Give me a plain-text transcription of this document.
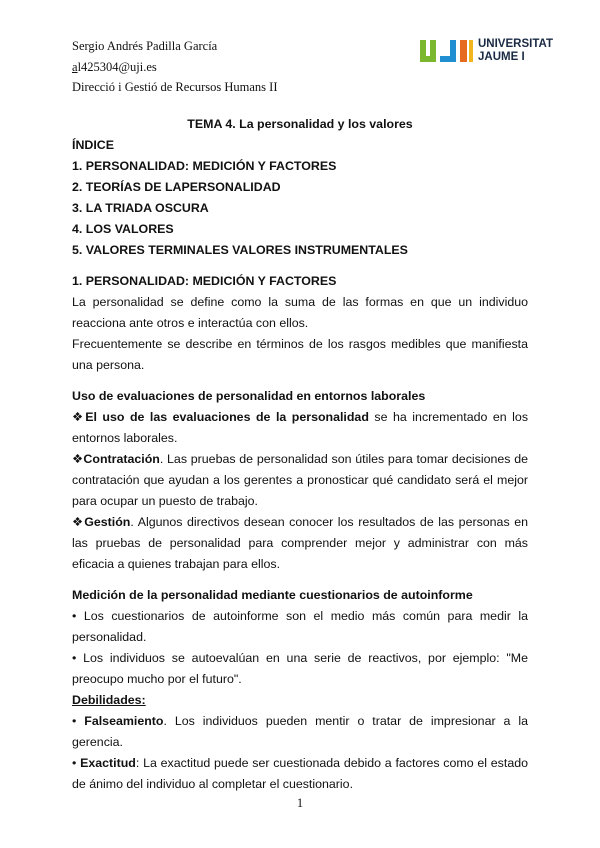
Sergio Andrés Padilla García
al425304@uji.es
Direcció i Gestió de Recursos Humans II
UNIVERSITAT
JAUME I
TEMA 4. La personalidad y los valores
ÍNDICE
1. PERSONALIDAD: MEDICIÓN Y FACTORES
2. TEORÍAS DE LAPERSONALIDAD
3. LA TRIADA OSCURA
4. LOS VALORES
5. VALORES TERMINALES VALORES INSTRUMENTALES
1. PERSONALIDAD: MEDICIÓN Y FACTORES
La personalidad se define como la suma de las formas en que un individuo reacciona ante otros e interactúa con ellos.
Frecuentemente se describe en términos de los rasgos medibles que manifiesta una persona.
Uso de evaluaciones de personalidad en entornos laborales
❖El uso de las evaluaciones de la personalidad se ha incrementado en los entornos laborales.
❖Contratación. Las pruebas de personalidad son útiles para tomar decisiones de contratación que ayudan a los gerentes a pronosticar qué candidato será el mejor para ocupar un puesto de trabajo.
❖Gestión. Algunos directivos desean conocer los resultados de las personas en las pruebas de personalidad para comprender mejor y administrar con más eficacia a quienes trabajan para ellos.
Medición de la personalidad mediante cuestionarios de autoinforme
• Los cuestionarios de autoinforme son el medio más común para medir la personalidad.
• Los individuos se autoevalúan en una serie de reactivos, por ejemplo: "Me preocupo mucho por el futuro".
Debilidades:
• Falseamiento. Los individuos pueden mentir o tratar de impresionar a la gerencia.
• Exactitud: La exactitud puede ser cuestionada debido a factores como el estado de ánimo del individuo al completar el cuestionario.
1
